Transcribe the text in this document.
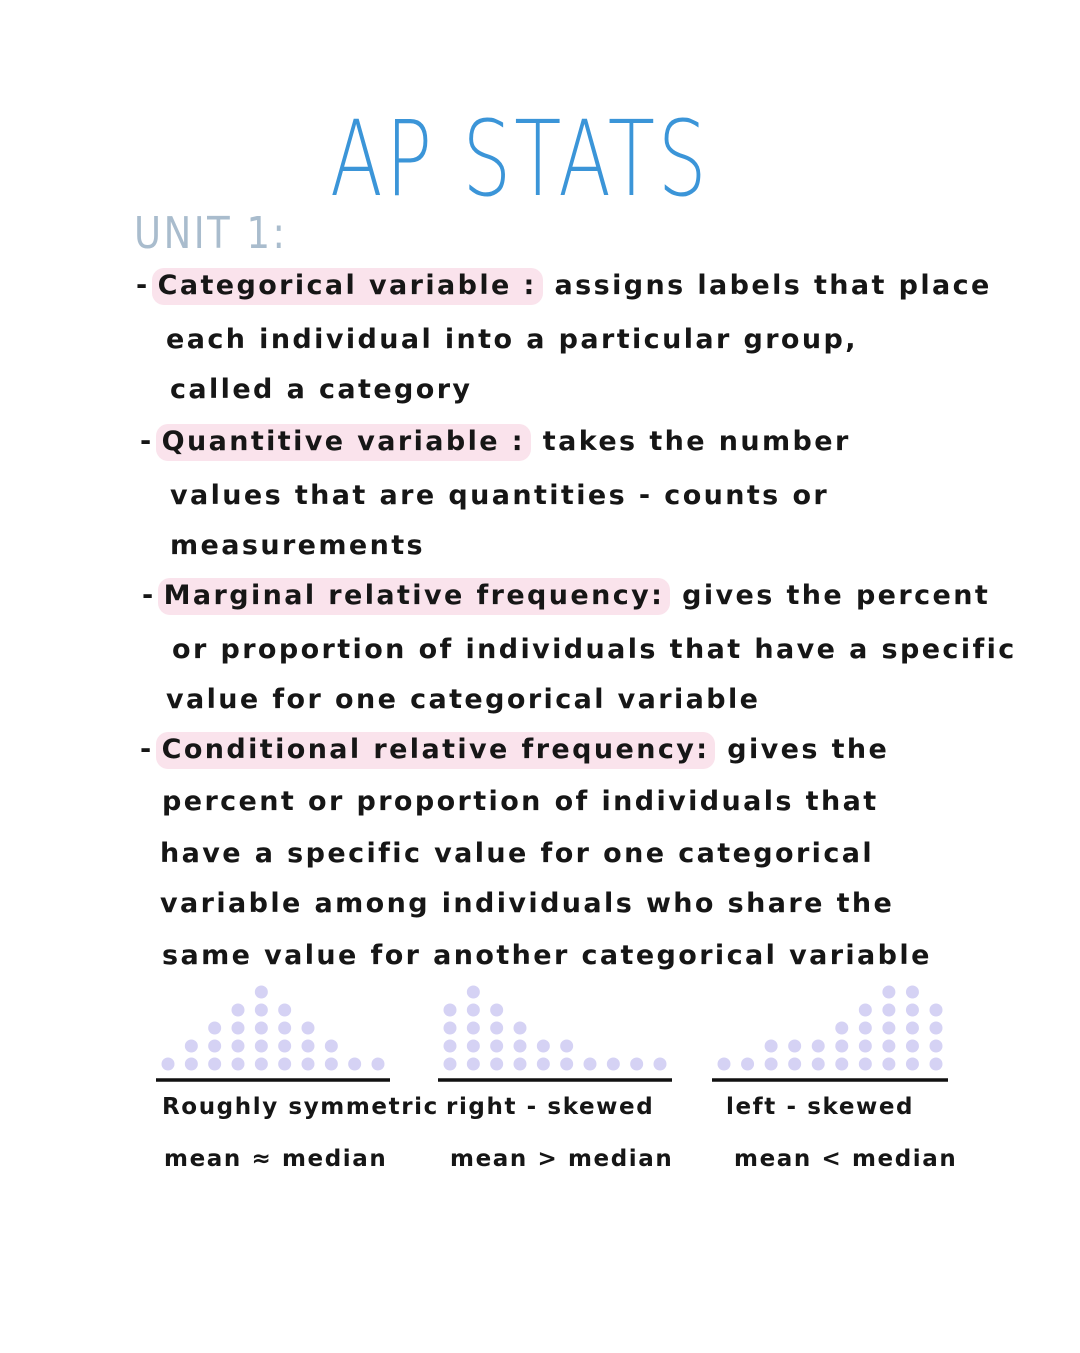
AP STATS
UNIT 1:
- Categorical variable : assigns labels that place
each individual into a particular group,
called a category
- Quantitive variable : takes the number
values that are quantities - counts or
measurements
- Marginal relative frequency: gives the percent
or proportion of individuals that have a specific
value for one categorical variable
- Conditional relative frequency: gives the
percent or proportion of individuals that
have a specific value for one categorical
variable among individuals who share the
same value for another categorical variable
Roughly symmetric
mean ≈ median
right - skewed
mean > median
left - skewed
mean < median
